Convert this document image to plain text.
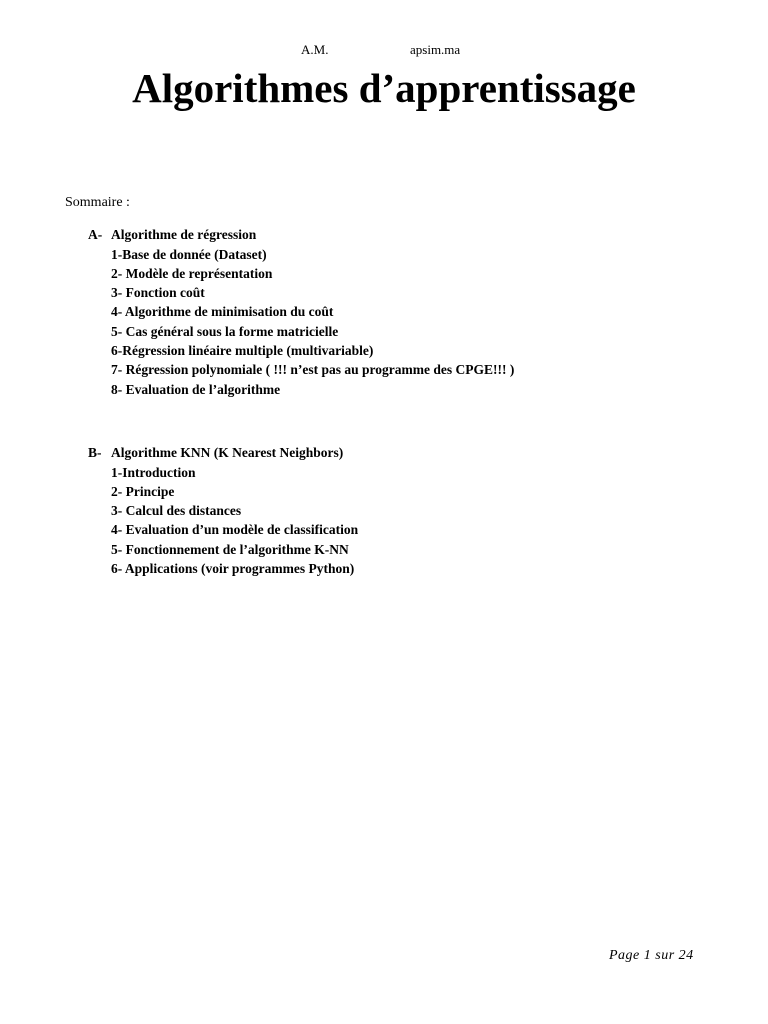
A.M.	apsim.ma
Algorithmes d’apprentissage
Sommaire :
A- Algorithme de régression
1-Base de donnée (Dataset)
2- Modèle de représentation
3- Fonction coût
4- Algorithme de minimisation du coût
5- Cas général sous la forme matricielle
6-Régression linéaire multiple (multivariable)
7- Régression polynomiale ( !!! n’est pas au programme des CPGE!!! )
8- Evaluation de l’algorithme
B- Algorithme KNN (K Nearest Neighbors)
1-Introduction
2- Principe
3- Calcul des distances
4- Evaluation d’un modèle de classification
5- Fonctionnement de l’algorithme K-NN
6- Applications (voir programmes Python)
Page 1 sur 24
